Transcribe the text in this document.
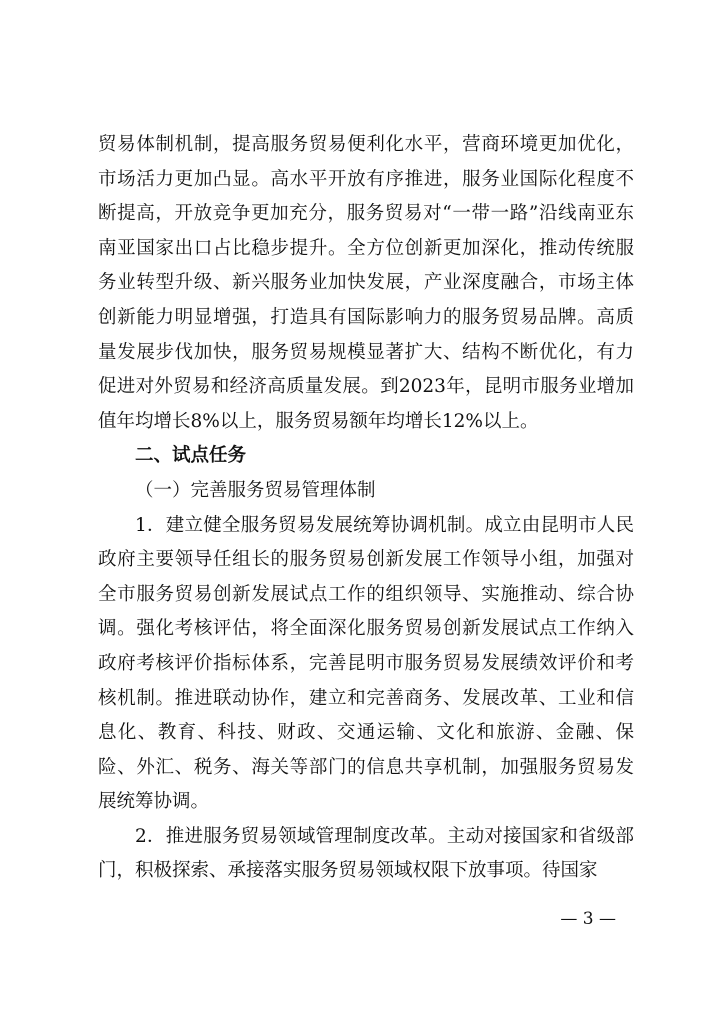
贸易体制机制，提高服务贸易便利化水平，营商环境更加优化，市场活力更加凸显。高水平开放有序推进，服务业国际化程度不断提高，开放竞争更加充分，服务贸易对“一带一路”沿线南亚东南亚国家出口占比稳步提升。全方位创新更加深化，推动传统服务业转型升级、新兴服务业加快发展，产业深度融合，市场主体创新能力明显增强，打造具有国际影响力的服务贸易品牌。高质量发展步伐加快，服务贸易规模显著扩大、结构不断优化，有力促进对外贸易和经济高质量发展。到2023年，昆明市服务业增加值年均增长8%以上，服务贸易额年均增长12%以上。

二、试点任务

（一）完善服务贸易管理体制

1．建立健全服务贸易发展统筹协调机制。成立由昆明市人民政府主要领导任组长的服务贸易创新发展工作领导小组，加强对全市服务贸易创新发展试点工作的组织领导、实施推动、综合协调。强化考核评估，将全面深化服务贸易创新发展试点工作纳入政府考核评价指标体系，完善昆明市服务贸易发展绩效评价和考核机制。推进联动协作，建立和完善商务、发展改革、工业和信息化、教育、科技、财政、交通运输、文化和旅游、金融、保险、外汇、税务、海关等部门的信息共享机制，加强服务贸易发展统筹协调。

2．推进服务贸易领域管理制度改革。主动对接国家和省级部门，积极探索、承接落实服务贸易领域权限下放事项。待国家

— 3 —
